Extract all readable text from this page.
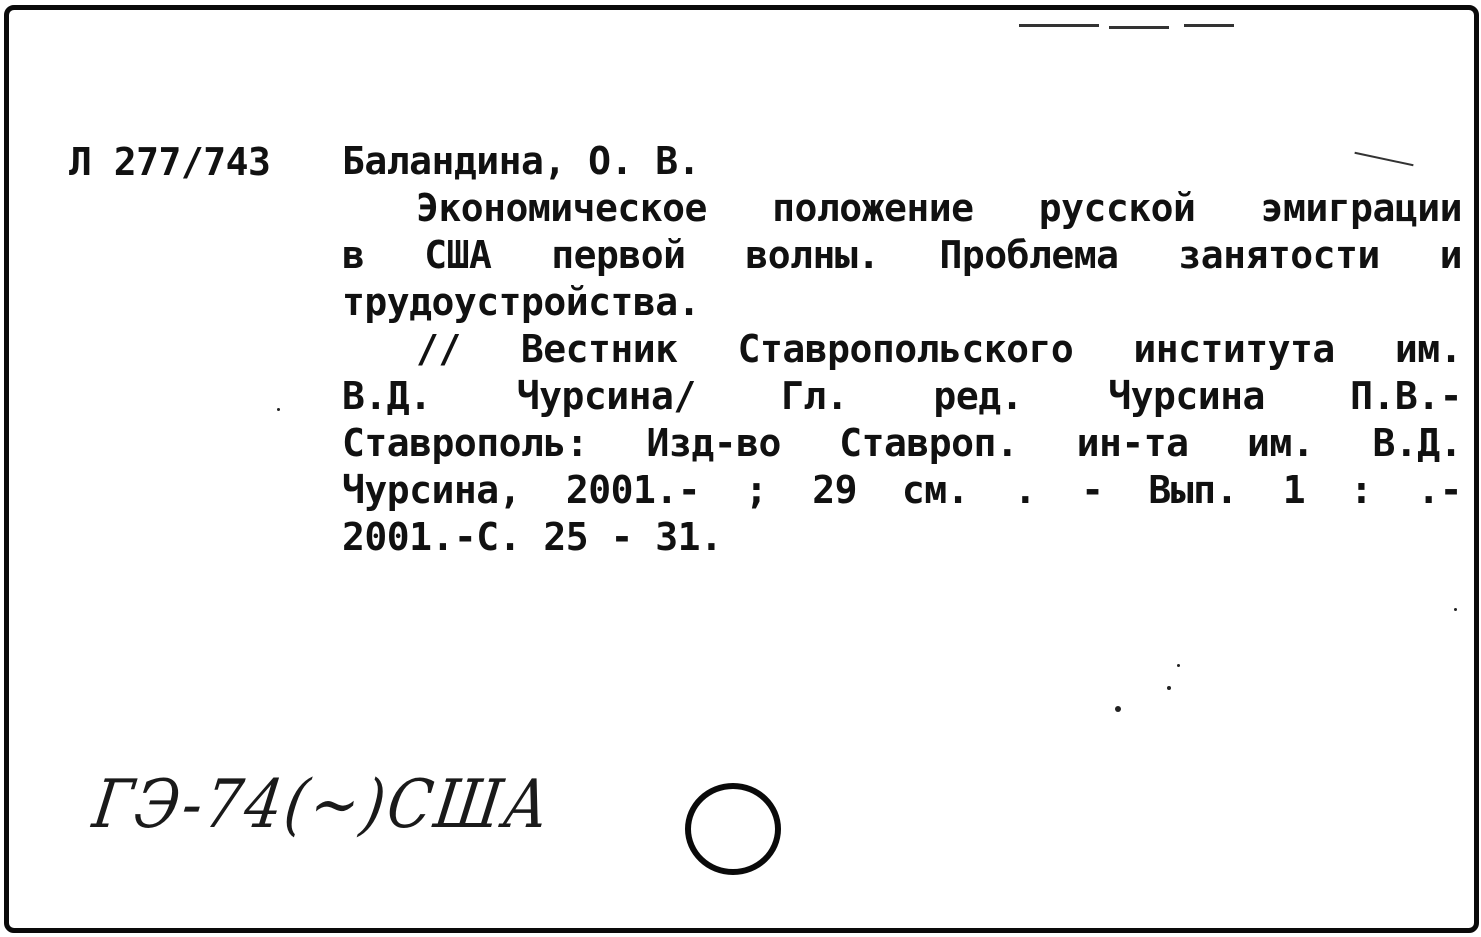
Л 277/743 Баландина, О. В.
Экономическое положение русской эмиграции
в США первой волны. Проблема занятости и
трудоустройства.
// Вестник Ставропольского института им.
В.Д. Чурсина/ Гл. ред. Чурсина П.В.-
Ставрополь: Изд-во Ставроп. ин-та им. В.Д.
Чурсина, 2001.- ; 29 см. . - Вып. 1 : .-
2001.-С. 25 - 31.
ГЭ-74(~)США
